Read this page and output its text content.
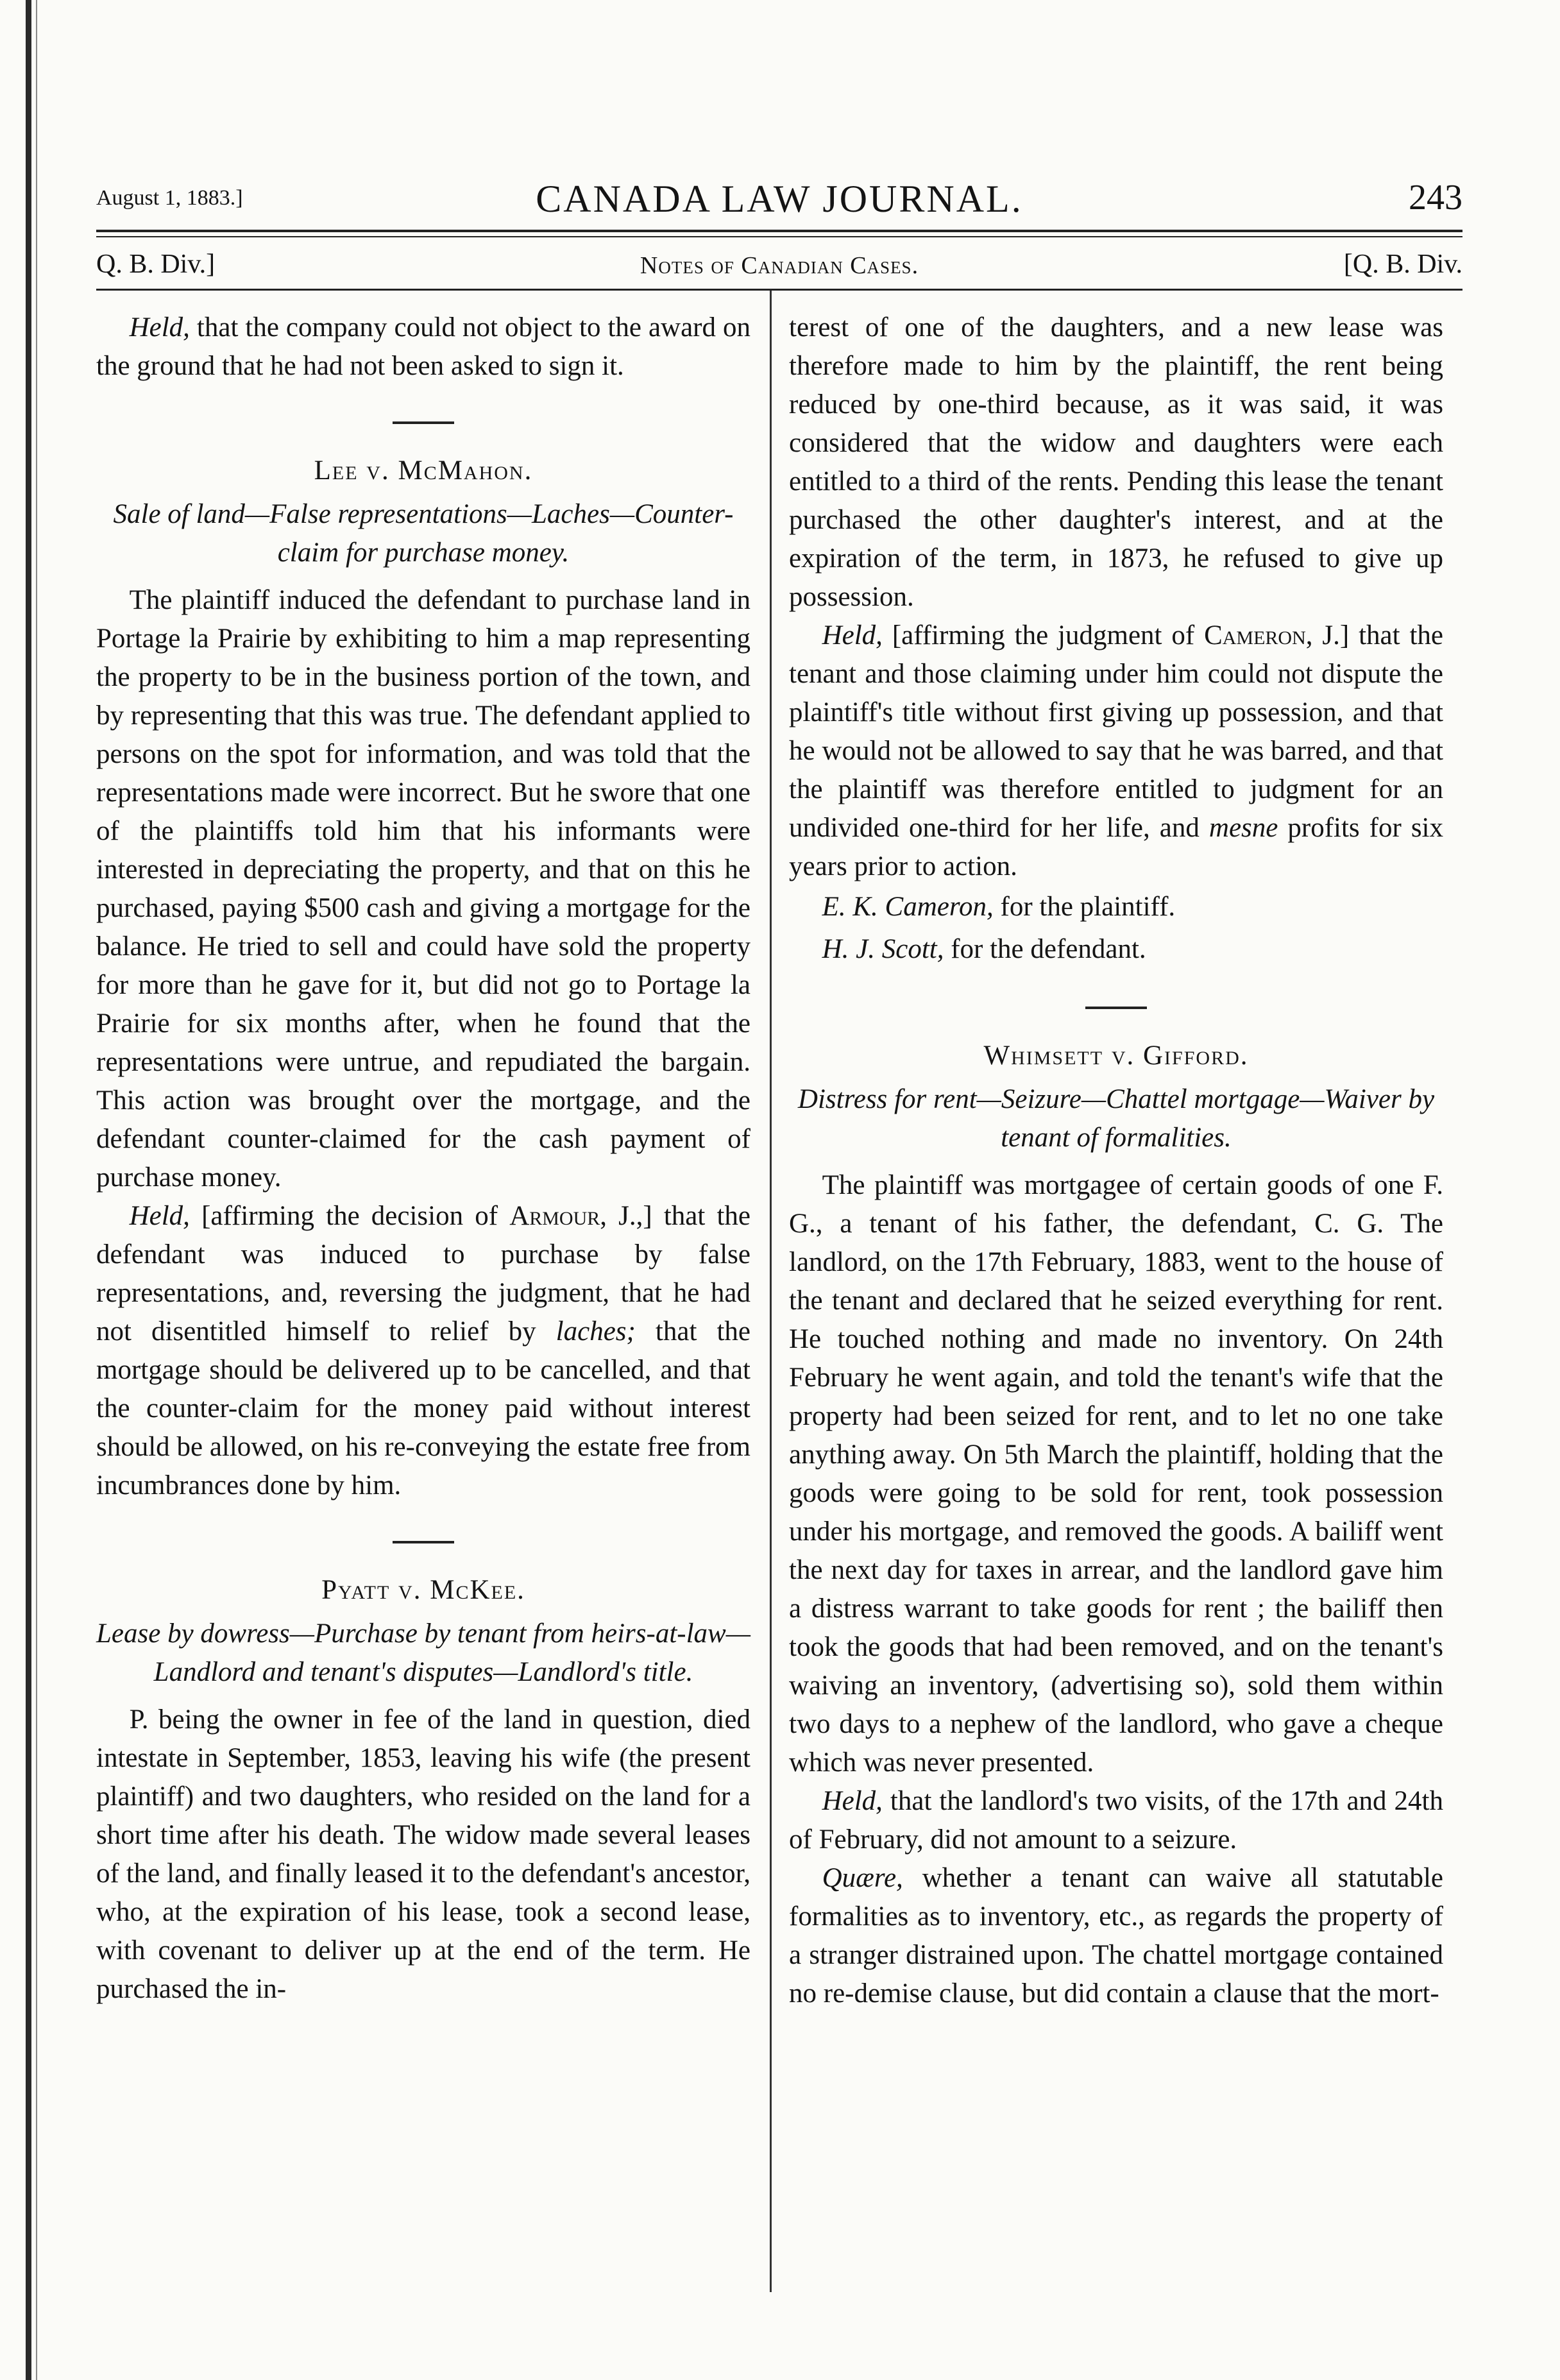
August 1, 1883.]	CANADA LAW JOURNAL.	243
Q. B. Div.]	Notes of Canadian Cases.	[Q. B. Div.

Held, that the company could not object to the award on the ground that he had not been asked to sign it.

Lee v. McMahon.
Sale of land—False representations—Laches—Counter-claim for purchase money.

The plaintiff induced the defendant to purchase land in Portage la Prairie by exhibiting to him a map representing the property to be in the business portion of the town, and by representing that this was true. The defendant applied to persons on the spot for information, and was told that the representations made were incorrect. But he swore that one of the plaintiffs told him that his informants were interested in depreciating the property, and that on this he purchased, paying $500 cash and giving a mortgage for the balance. He tried to sell and could have sold the property for more than he gave for it, but did not go to Portage la Prairie for six months after, when he found that the representations were untrue, and repudiated the bargain. This action was brought over the mortgage, and the defendant counter-claimed for the cash payment of purchase money.

Held, [affirming the decision of Armour, J.,] that the defendant was induced to purchase by false representations, and, reversing the judgment, that he had not disentitled himself to relief by laches; that the mortgage should be delivered up to be cancelled, and that the counter-claim for the money paid without interest should be allowed, on his re-conveying the estate free from incumbrances done by him.

Pyatt v. McKee.
Lease by dowress—Purchase by tenant from heirs-at-law—Landlord and tenant's disputes—Landlord's title.

P. being the owner in fee of the land in question, died intestate in September, 1853, leaving his wife (the present plaintiff) and two daughters, who resided on the land for a short time after his death. The widow made several leases of the land, and finally leased it to the defendant's ancestor, who, at the expiration of his lease, took a second lease, with covenant to deliver up at the end of the term. He purchased the in-

terest of one of the daughters, and a new lease was therefore made to him by the plaintiff, the rent being reduced by one-third because, as it was said, it was considered that the widow and daughters were each entitled to a third of the rents. Pending this lease the tenant purchased the other daughter's interest, and at the expiration of the term, in 1873, he refused to give up possession.

Held, [affirming the judgment of Cameron, J.] that the tenant and those claiming under him could not dispute the plaintiff's title without first giving up possession, and that he would not be allowed to say that he was barred, and that the plaintiff was therefore entitled to judgment for an undivided one-third for her life, and mesne profits for six years prior to action.

E. K. Cameron, for the plaintiff.
H. J. Scott, for the defendant.
Whimsett v. Gifford.
Distress for rent—Seizure—Chattel mortgage—Waiver by tenant of formalities.

The plaintiff was mortgagee of certain goods of one F. G., a tenant of his father, the defendant, C. G. The landlord, on the 17th February, 1883, went to the house of the tenant and declared that he seized everything for rent. He touched nothing and made no inventory. On 24th February he went again, and told the tenant's wife that the property had been seized for rent, and to let no one take anything away. On 5th March the plaintiff, holding that the goods were going to be sold for rent, took possession under his mortgage, and removed the goods. A bailiff went the next day for taxes in arrear, and the landlord gave him a distress warrant to take goods for rent ; the bailiff then took the goods that had been removed, and on the tenant's waiving an inventory, (advertising so), sold them within two days to a nephew of the landlord, who gave a cheque which was never presented.

Held, that the landlord's two visits, of the 17th and 24th of February, did not amount to a seizure.

Quære, whether a tenant can waive all statutable formalities as to inventory, etc., as regards the property of a stranger distrained upon. The chattel mortgage contained no re-demise clause, but did contain a clause that the mort-
